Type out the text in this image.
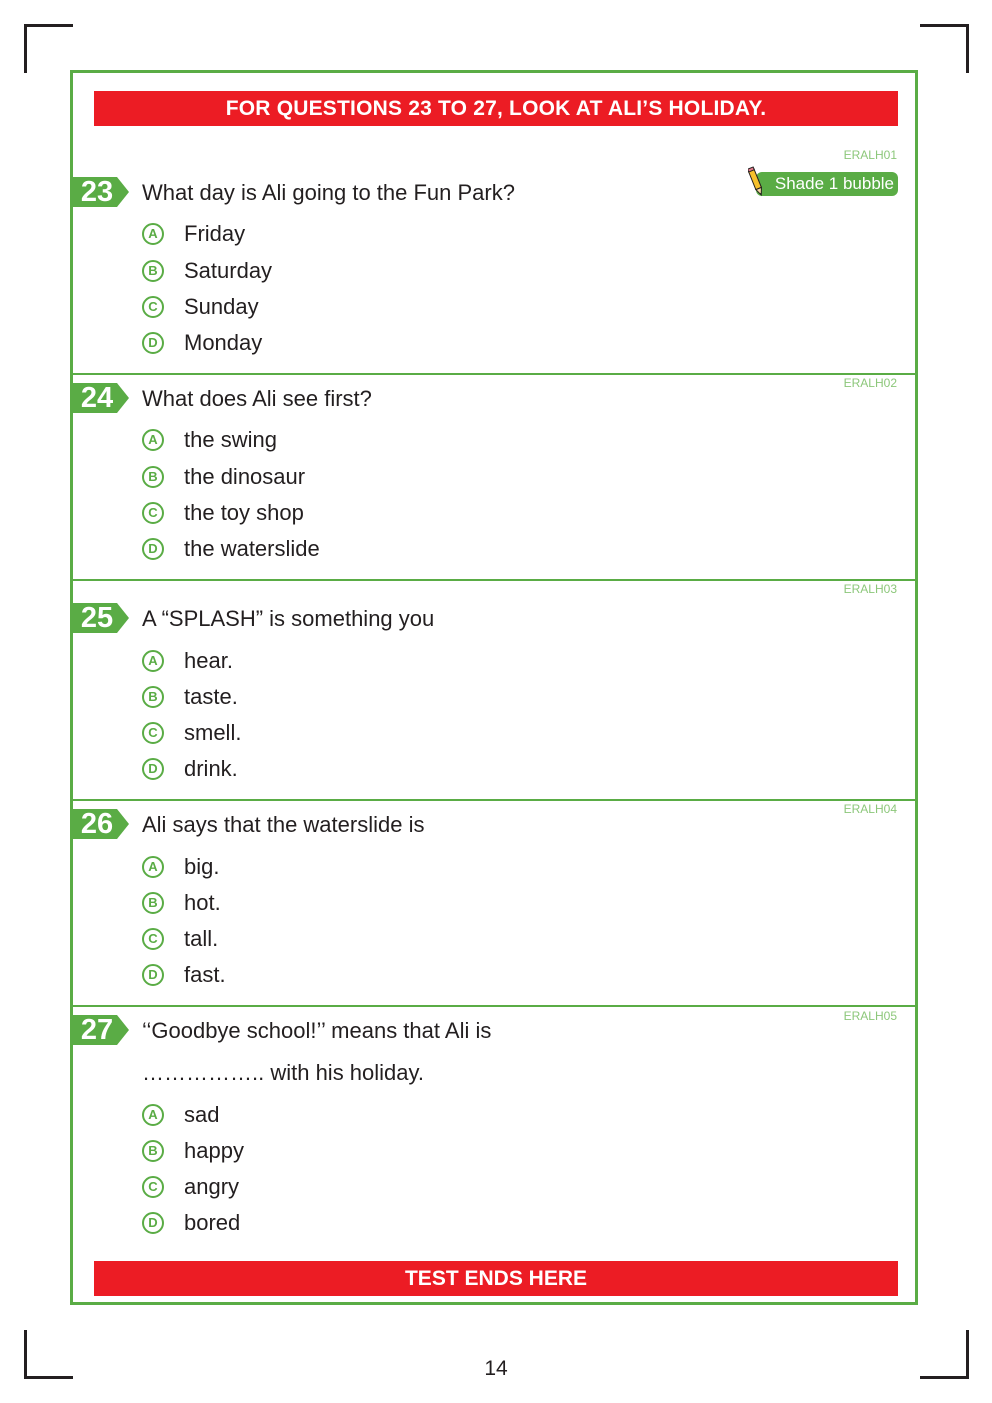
FOR QUESTIONS 23 TO 27, LOOK AT ALI’S HOLIDAY.
Shade 1 bubble
ERALH01
23 What day is Ali going to the Fun Park?
A Friday
B Saturday
C Sunday
D Monday
ERALH02
24 What does Ali see first?
A the swing
B the dinosaur
C the toy shop
D the waterslide
ERALH03
25 A “SPLASH” is something you
A hear.
B taste.
C smell.
D drink.
ERALH04
26 Ali says that the waterslide is
A big.
B hot.
C tall.
D fast.
ERALH05
27 ‘‘Goodbye school!’’ means that Ali is
…………….. with his holiday.
A sad
B happy
C angry
D bored
TEST ENDS HERE
14
